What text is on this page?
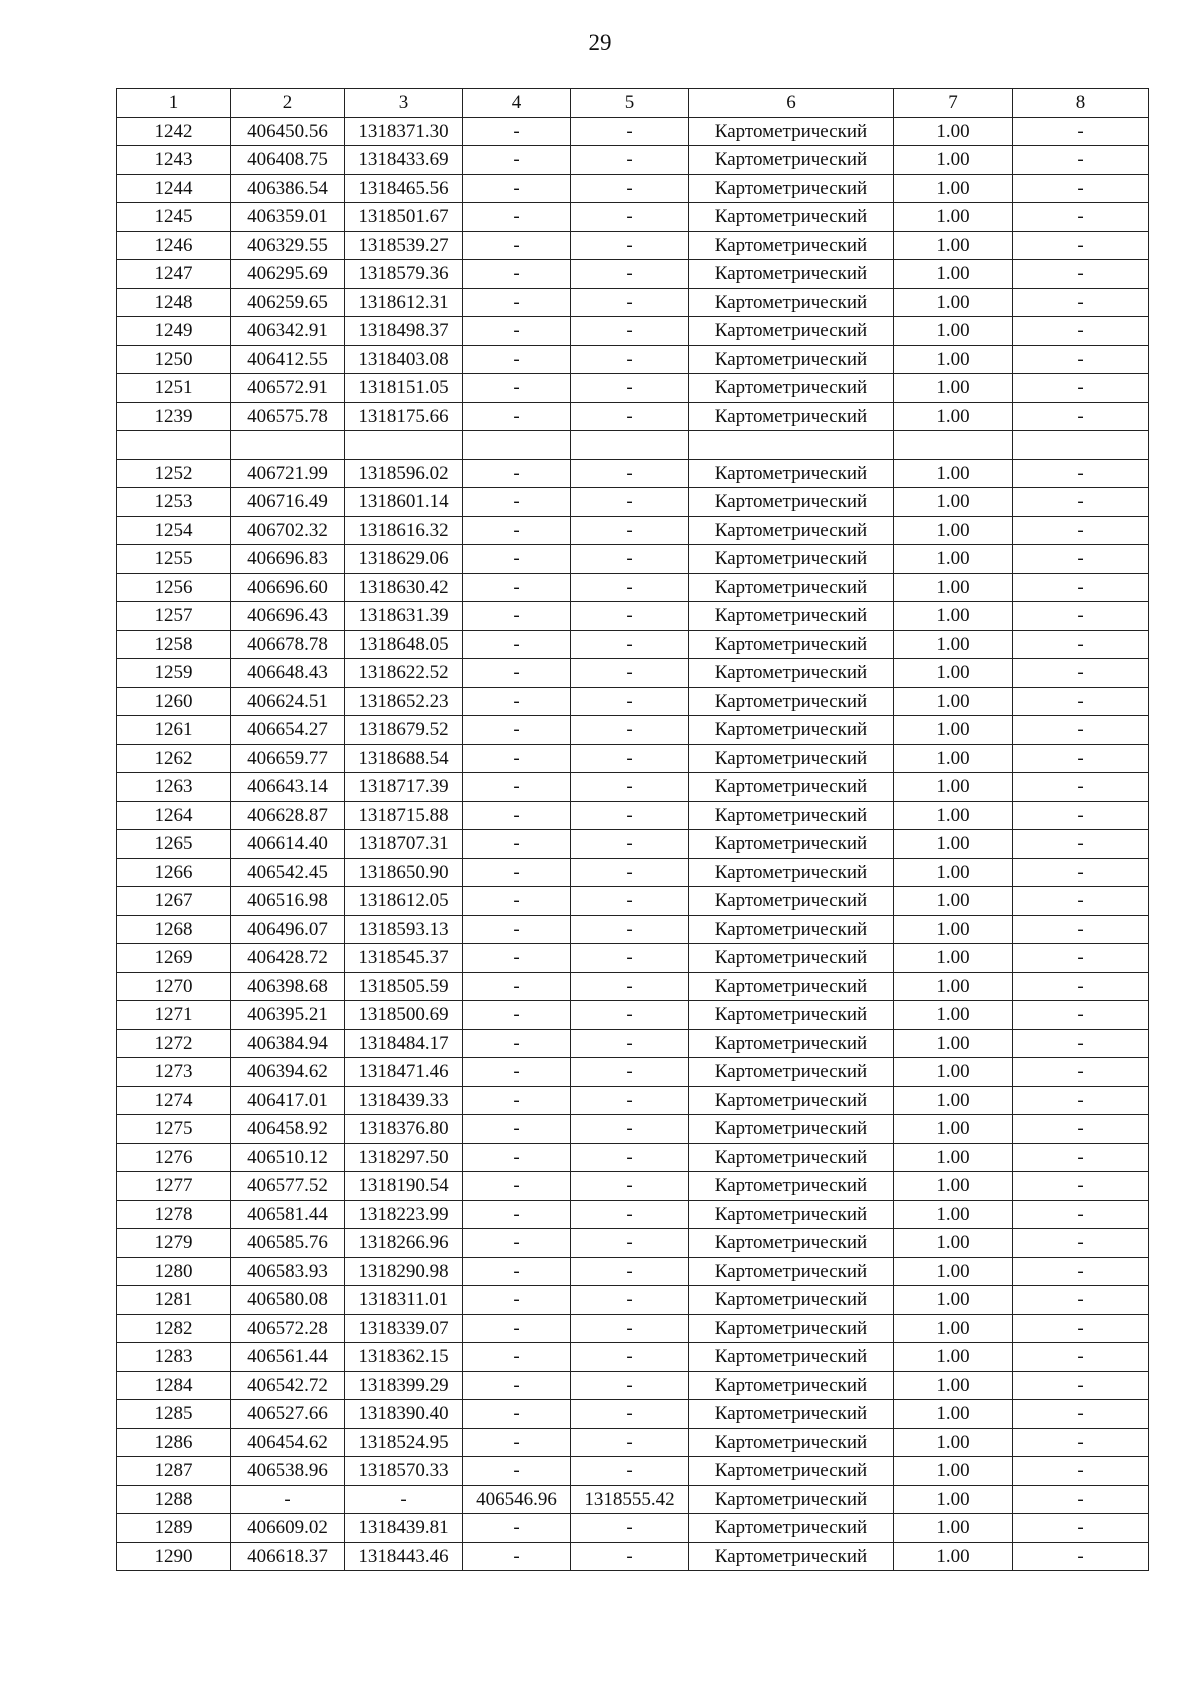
29
1	2	3	4	5	6	7	8
1242	406450.56	1318371.30	-	-	Картометрический	1.00	-
1243	406408.75	1318433.69	-	-	Картометрический	1.00	-
1244	406386.54	1318465.56	-	-	Картометрический	1.00	-
1245	406359.01	1318501.67	-	-	Картометрический	1.00	-
1246	406329.55	1318539.27	-	-	Картометрический	1.00	-
1247	406295.69	1318579.36	-	-	Картометрический	1.00	-
1248	406259.65	1318612.31	-	-	Картометрический	1.00	-
1249	406342.91	1318498.37	-	-	Картометрический	1.00	-
1250	406412.55	1318403.08	-	-	Картометрический	1.00	-
1251	406572.91	1318151.05	-	-	Картометрический	1.00	-
1239	406575.78	1318175.66	-	-	Картометрический	1.00	-

1252	406721.99	1318596.02	-	-	Картометрический	1.00	-
1253	406716.49	1318601.14	-	-	Картометрический	1.00	-
1254	406702.32	1318616.32	-	-	Картометрический	1.00	-
1255	406696.83	1318629.06	-	-	Картометрический	1.00	-
1256	406696.60	1318630.42	-	-	Картометрический	1.00	-
1257	406696.43	1318631.39	-	-	Картометрический	1.00	-
1258	406678.78	1318648.05	-	-	Картометрический	1.00	-
1259	406648.43	1318622.52	-	-	Картометрический	1.00	-
1260	406624.51	1318652.23	-	-	Картометрический	1.00	-
1261	406654.27	1318679.52	-	-	Картометрический	1.00	-
1262	406659.77	1318688.54	-	-	Картометрический	1.00	-
1263	406643.14	1318717.39	-	-	Картометрический	1.00	-
1264	406628.87	1318715.88	-	-	Картометрический	1.00	-
1265	406614.40	1318707.31	-	-	Картометрический	1.00	-
1266	406542.45	1318650.90	-	-	Картометрический	1.00	-
1267	406516.98	1318612.05	-	-	Картометрический	1.00	-
1268	406496.07	1318593.13	-	-	Картометрический	1.00	-
1269	406428.72	1318545.37	-	-	Картометрический	1.00	-
1270	406398.68	1318505.59	-	-	Картометрический	1.00	-
1271	406395.21	1318500.69	-	-	Картометрический	1.00	-
1272	406384.94	1318484.17	-	-	Картометрический	1.00	-
1273	406394.62	1318471.46	-	-	Картометрический	1.00	-
1274	406417.01	1318439.33	-	-	Картометрический	1.00	-
1275	406458.92	1318376.80	-	-	Картометрический	1.00	-
1276	406510.12	1318297.50	-	-	Картометрический	1.00	-
1277	406577.52	1318190.54	-	-	Картометрический	1.00	-
1278	406581.44	1318223.99	-	-	Картометрический	1.00	-
1279	406585.76	1318266.96	-	-	Картометрический	1.00	-
1280	406583.93	1318290.98	-	-	Картометрический	1.00	-
1281	406580.08	1318311.01	-	-	Картометрический	1.00	-
1282	406572.28	1318339.07	-	-	Картометрический	1.00	-
1283	406561.44	1318362.15	-	-	Картометрический	1.00	-
1284	406542.72	1318399.29	-	-	Картометрический	1.00	-
1285	406527.66	1318390.40	-	-	Картометрический	1.00	-
1286	406454.62	1318524.95	-	-	Картометрический	1.00	-
1287	406538.96	1318570.33	-	-	Картометрический	1.00	-
1288	-	-	406546.96	1318555.42	Картометрический	1.00	-
1289	406609.02	1318439.81	-	-	Картометрический	1.00	-
1290	406618.37	1318443.46	-	-	Картометрический	1.00	-
